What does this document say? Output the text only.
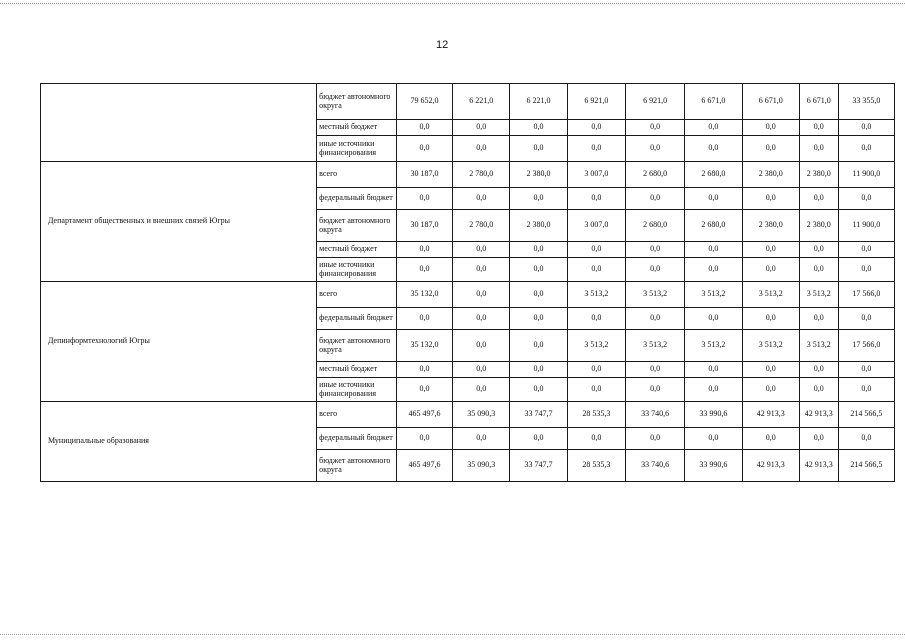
12
	бюджет автономного округа	79 652,0	6 221,0	6 221,0	6 921,0	6 921,0	6 671,0	6 671,0	6 671,0	33 355,0
	местный бюджет	0,0	0,0	0,0	0,0	0,0	0,0	0,0	0,0	0,0
	иные источники финансирования	0,0	0,0	0,0	0,0	0,0	0,0	0,0	0,0	0,0
Департамент общественных и внешних связей Югры	всего	30 187,0	2 780,0	2 380,0	3 007,0	2 680,0	2 680,0	2 380,0	2 380,0	11 900,0
	федеральный бюджет	0,0	0,0	0,0	0,0	0,0	0,0	0,0	0,0	0,0
	бюджет автономного округа	30 187,0	2 780,0	2 380,0	3 007,0	2 680,0	2 680,0	2 380,0	2 380,0	11 900,0
	местный бюджет	0,0	0,0	0,0	0,0	0,0	0,0	0,0	0,0	0,0
	иные источники финансирования	0,0	0,0	0,0	0,0	0,0	0,0	0,0	0,0	0,0
Депинформтехнологий Югры	всего	35 132,0	0,0	0,0	3 513,2	3 513,2	3 513,2	3 513,2	3 513,2	17 566,0
	федеральный бюджет	0,0	0,0	0,0	0,0	0,0	0,0	0,0	0,0	0,0
	бюджет автономного округа	35 132,0	0,0	0,0	3 513,2	3 513,2	3 513,2	3 513,2	3 513,2	17 566,0
	местный бюджет	0,0	0,0	0,0	0,0	0,0	0,0	0,0	0,0	0,0
	иные источники финансирования	0,0	0,0	0,0	0,0	0,0	0,0	0,0	0,0	0,0
Муниципальные образования	всего	465 497,6	35 090,3	33 747,7	28 535,3	33 740,6	33 990,6	42 913,3	42 913,3	214 566,5
	федеральный бюджет	0,0	0,0	0,0	0,0	0,0	0,0	0,0	0,0	0,0
	бюджет автономного округа	465 497,6	35 090,3	33 747,7	28 535,3	33 740,6	33 990,6	42 913,3	42 913,3	214 566,5
